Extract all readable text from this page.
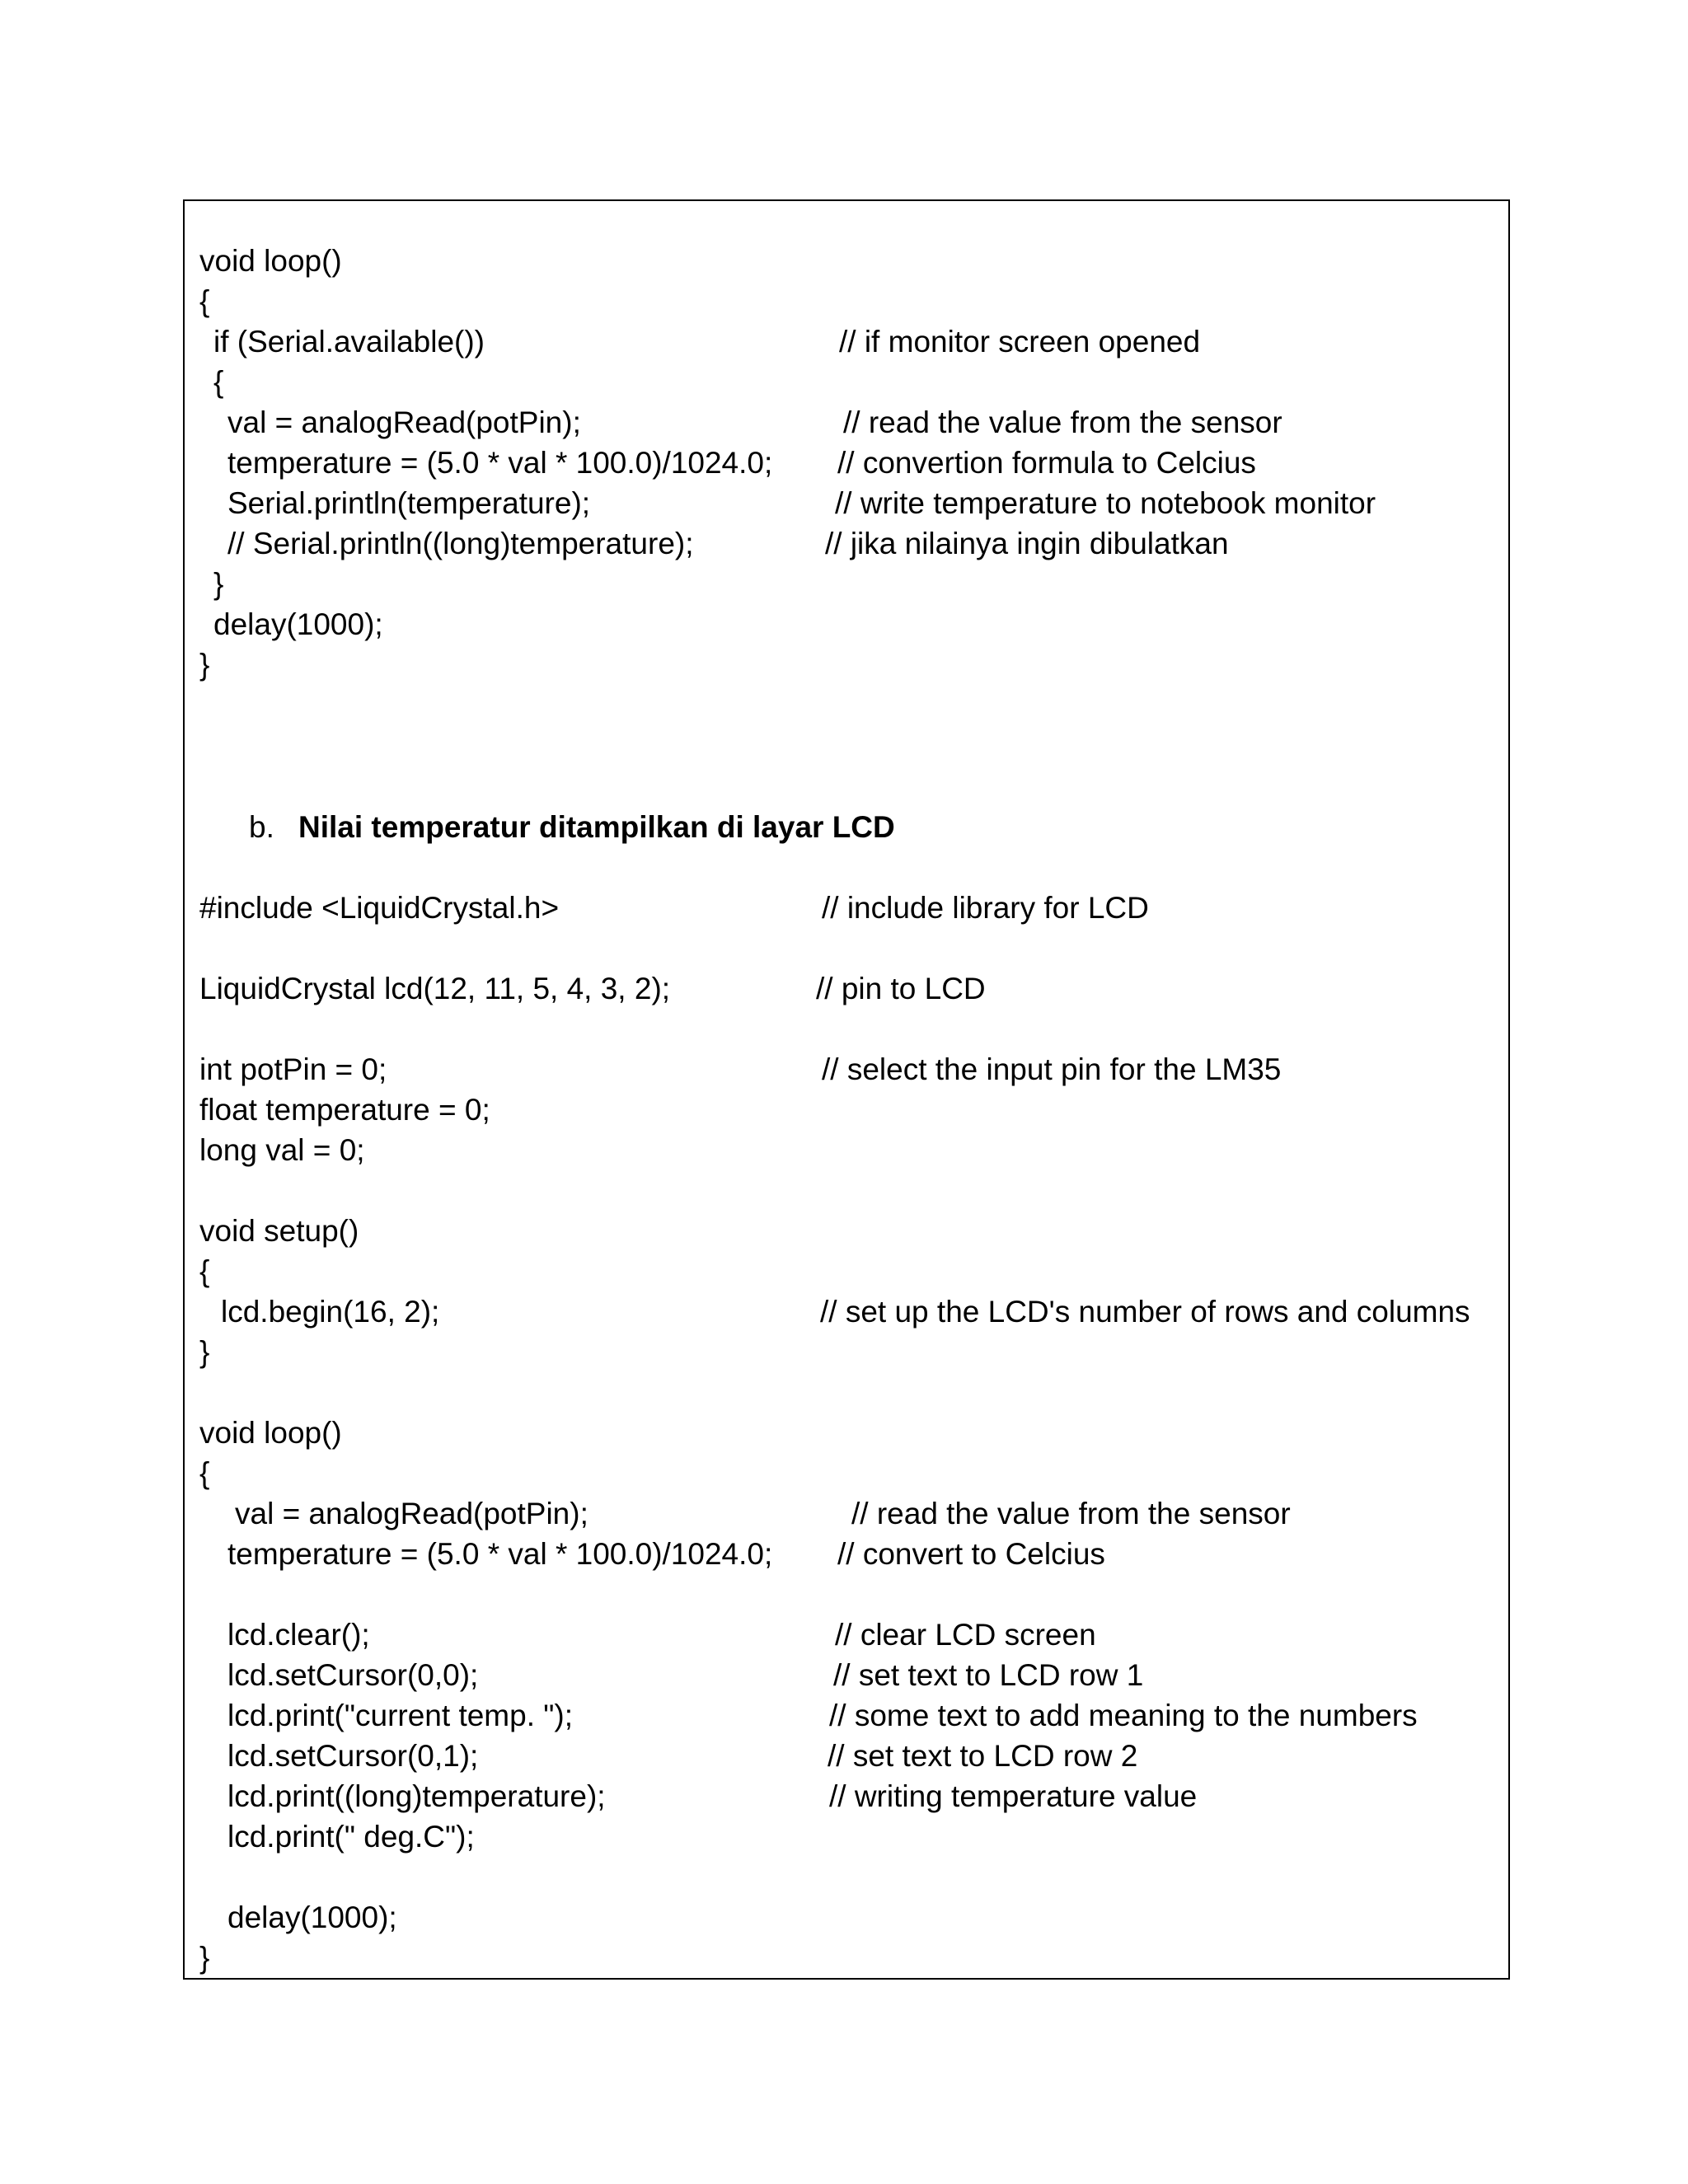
void loop()
{
if (Serial.available())	// if monitor screen opened
{
val = analogRead(potPin);	// read the value from the sensor
temperature = (5.0 * val * 100.0)/1024.0; // convertion formula to Celcius
Serial.println(temperature);	// write temperature to notebook monitor
// Serial.println((long)temperature);	// jika nilainya ingin dibulatkan
}
delay(1000);
}
b. Nilai temperatur ditampilkan di layar LCD
#include <LiquidCrystal.h>	// include library for LCD
LiquidCrystal lcd(12, 11, 5, 4, 3, 2);	// pin to LCD
int potPin = 0;	// select the input pin for the LM35
float temperature = 0;
long val = 0;
void setup()
{
lcd.begin(16, 2);	// set up the LCD's number of rows and columns
}
void loop()
{
val = analogRead(potPin);	// read the value from the sensor
temperature = (5.0 * val * 100.0)/1024.0; // convert to Celcius
lcd.clear();	// clear LCD screen
lcd.setCursor(0,0);	// set text to LCD row 1
lcd.print("current temp. ");	// some text to add meaning to the numbers
lcd.setCursor(0,1);	// set text to LCD row 2
lcd.print((long)temperature);	// writing temperature value
lcd.print(" deg.C");
delay(1000);
}
